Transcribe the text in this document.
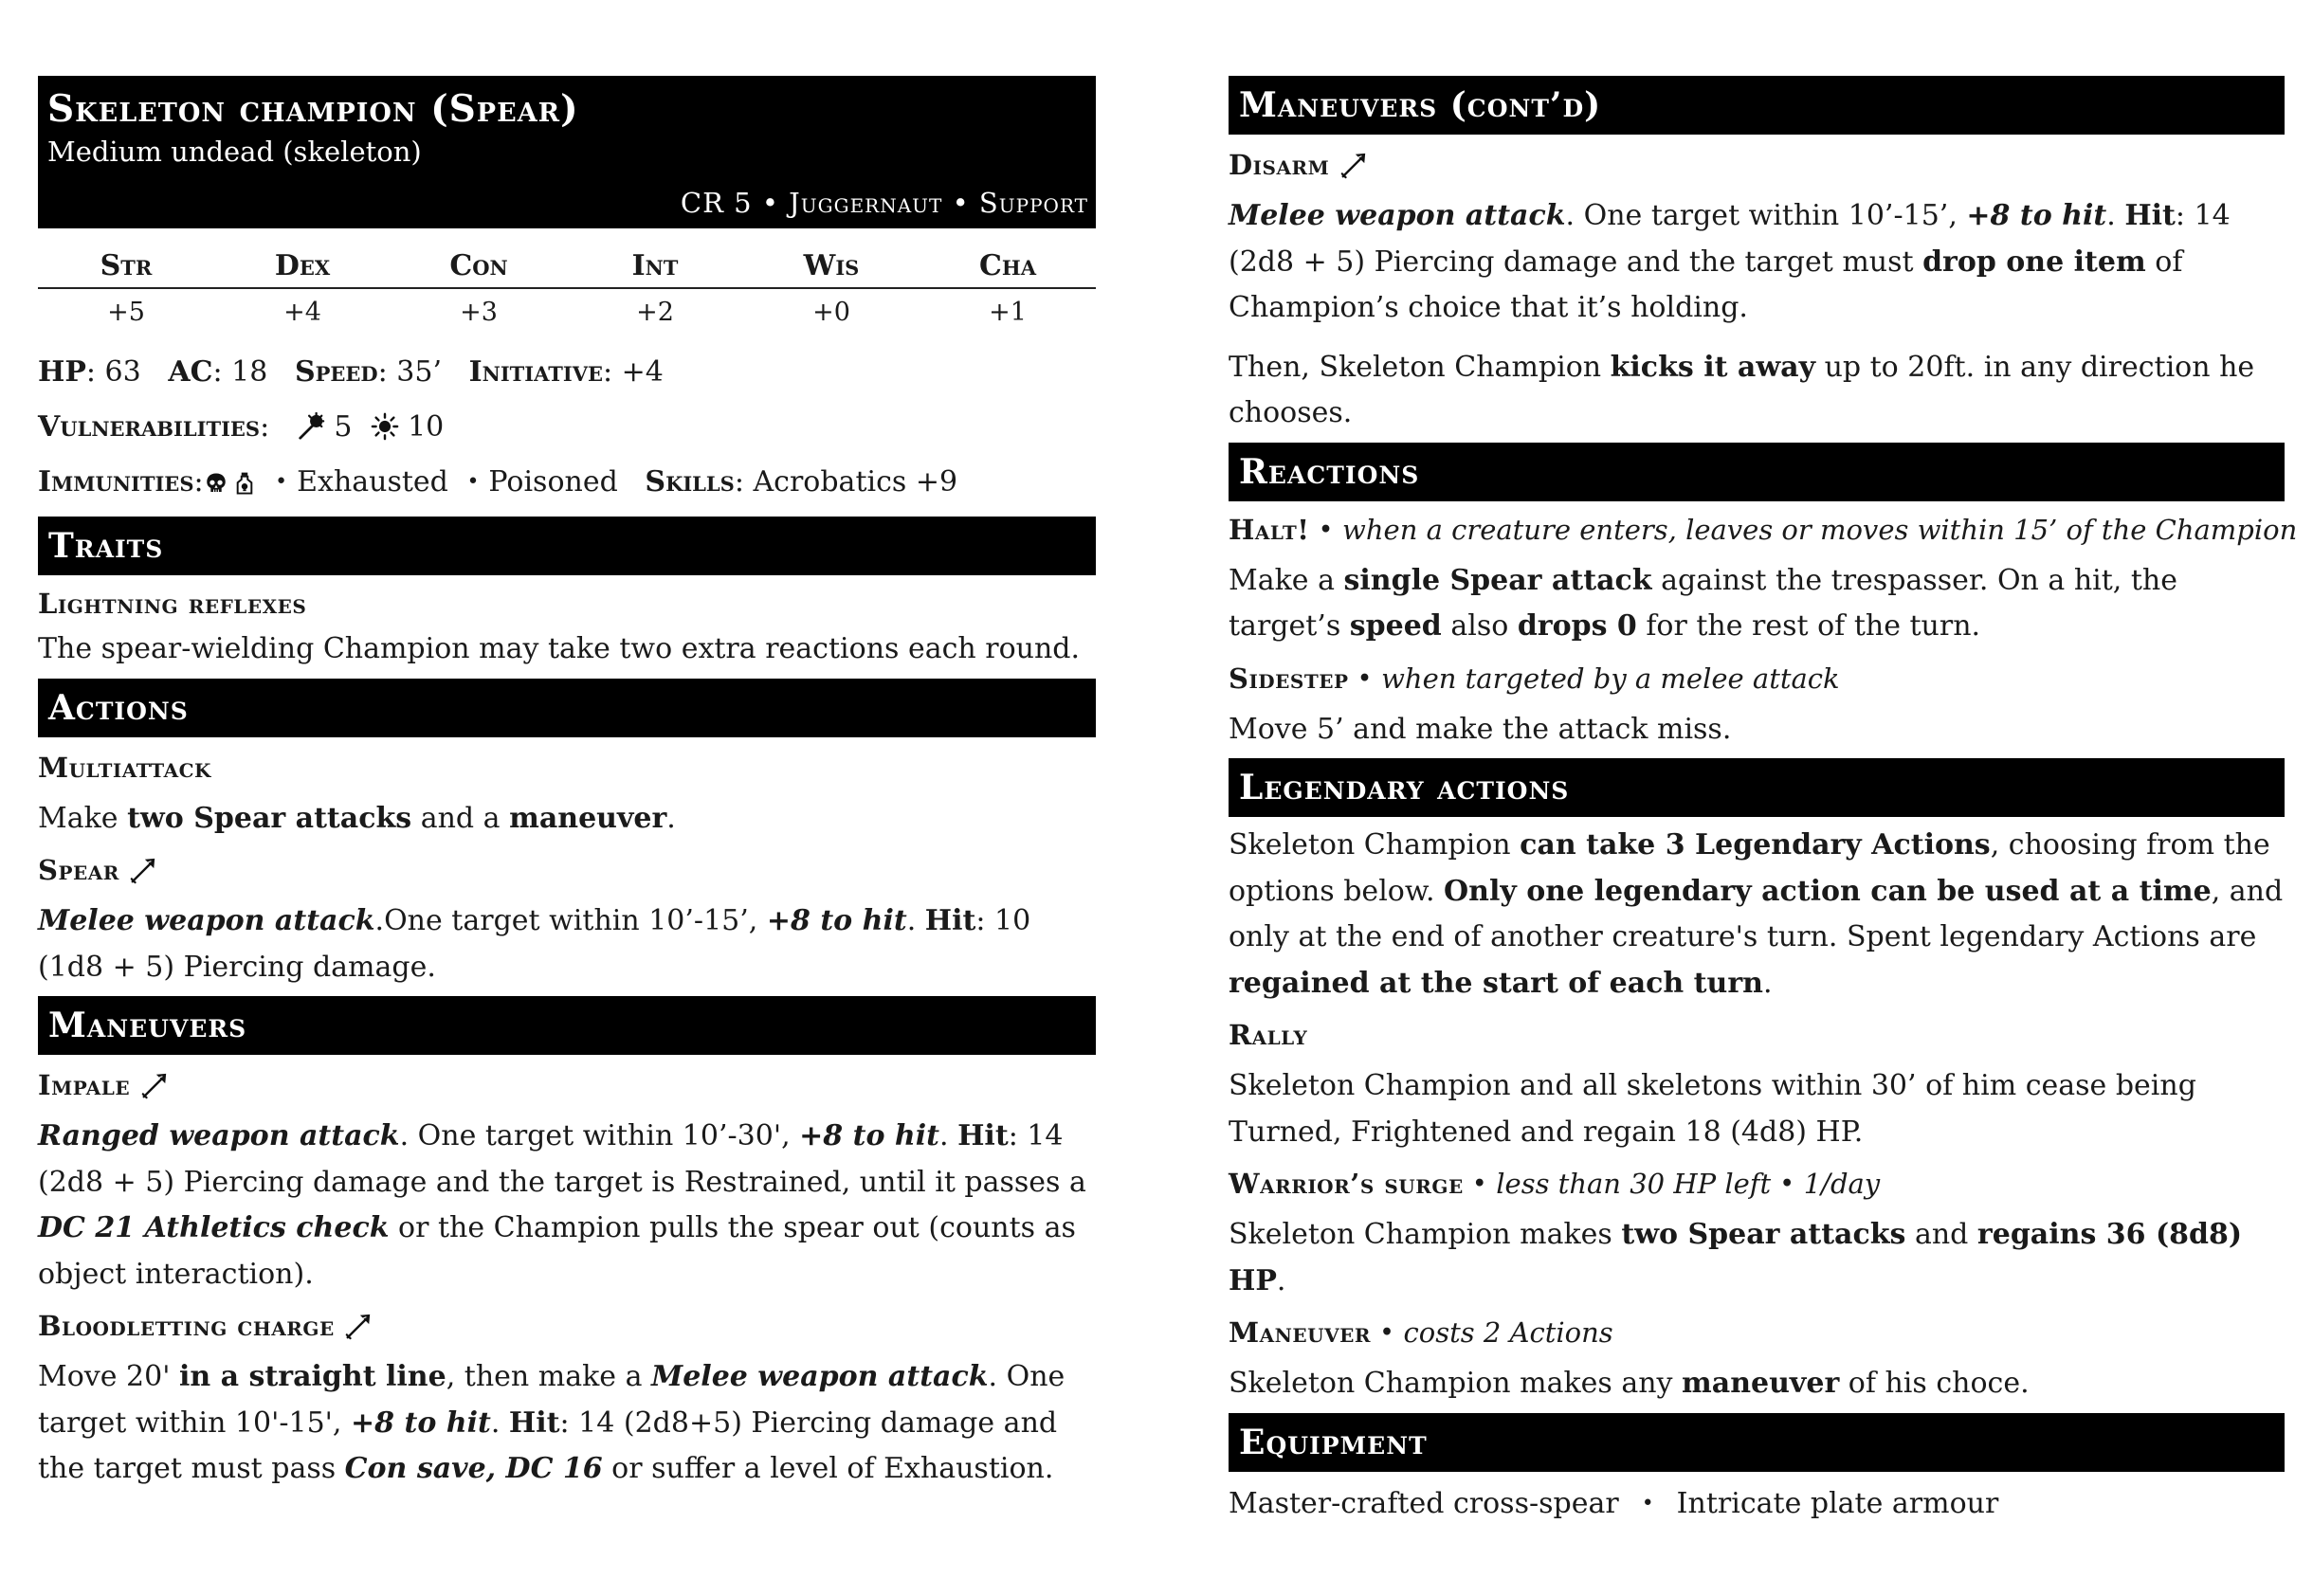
Skeleton champion (Spear)
Medium undead (skeleton)
CR 5 • Juggernaut • Support
Str	Dex	Con	Int	Wis	Cha
+5	+4	+3	+2	+0	+1
HP: 63 AC: 18 Speed: 35’ Initiative: +4
Vulnerabilities:    5 10
Immunities:	• Exhausted • Poisoned Skills: Acrobatics +9
Traits
Lightning reflexes
The spear-wielding Champion may take two extra reactions each round.
Actions
Multiattack
Make two Spear attacks and a maneuver.
Spear
Melee weapon attack.One target within 10’-15’, +8 to hit. Hit: 10 (1d8 + 5) Piercing damage.
Maneuvers
Impale
Ranged weapon attack. One target within 10’-30', +8 to hit. Hit: 14 (2d8 + 5) Piercing damage and the target is Restrained, until it passes a DC 21 Athletics check or the Champion pulls the spear out (counts as object interaction).
Bloodletting charge
Move 20' in a straight line, then make a Melee weapon attack. One target within 10'-15', +8 to hit. Hit: 14 (2d8+5) Piercing damage and the target must pass Con save, DC 16 or suffer a level of Exhaustion.
Maneuvers (cont’d)
Disarm
Melee weapon attack. One target within 10’-15’, +8 to hit. Hit: 14 (2d8 + 5) Piercing damage and the target must drop one item of Champion’s choice that it’s holding.
Then, Skeleton Champion kicks it away up to 20ft. in any direction he chooses.
Reactions
Halt! • when a creature enters, leaves or moves within 15’ of the Champion
Make a single Spear attack against the trespasser. On a hit, the target’s speed also drops 0 for the rest of the turn.
Sidestep • when targeted by a melee attack
Move 5’ and make the attack miss.
Legendary actions
Skeleton Champion can take 3 Legendary Actions, choosing from the options below. Only one legendary action can be used at a time, and only at the end of another creature's turn. Spent legendary Actions are regained at the start of each turn.
Rally
Skeleton Champion and all skeletons within 30’ of him cease being Turned, Frightened and regain 18 (4d8) HP.
Warrior’s surge • less than 30 HP left • 1/day
Skeleton Champion makes two Spear attacks and regains 36 (8d8) HP.
Maneuver • costs 2 Actions
Skeleton Champion makes any maneuver of his choce.
Equipment
Master-crafted cross-spear • Intricate plate armour
